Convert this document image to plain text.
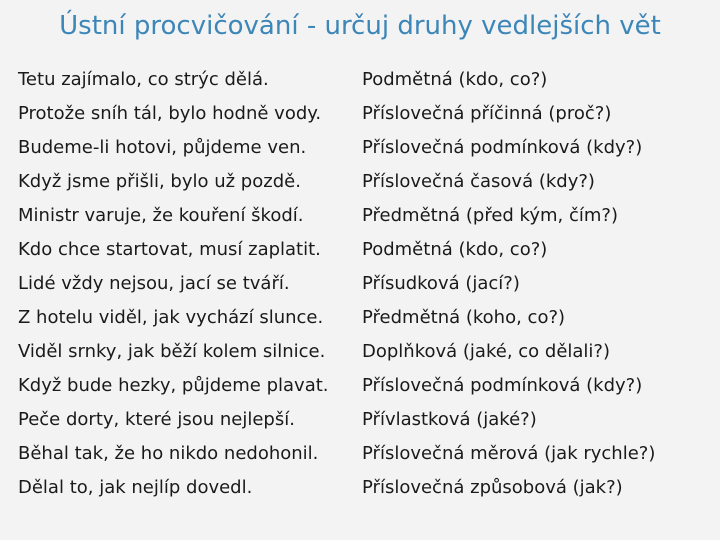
Ústní procvičování - určuj druhy vedlejších vět
Tetu zajímalo, co strýc dělá.	Podmětná (kdo, co?)
Protože sníh tál, bylo hodně vody. Příslovečná příčinná (proč?)
Budeme-li hotovi, půjdeme ven.	Příslovečná podmínková (kdy?)
Když jsme přišli, bylo už pozdě.	Příslovečná časová (kdy?)
Ministr varuje, že kouření škodí.	Předmětná (před kým, čím?)
Kdo chce startovat, musí zaplatit. Podmětná (kdo, co?)
Lidé vždy nejsou, jací se tváří.	Přísudková (jací?)
Z hotelu viděl, jak vychází slunce. Předmětná (koho, co?)
Viděl srnky, jak běží kolem silnice. Doplňková (jaké, co dělali?)
Když bude hezky, půjdeme plavat. Příslovečná podmínková (kdy?)
Peče dorty, které jsou nejlepší.	Přívlastková (jaké?)
Běhal tak, že ho nikdo nedohonil. Příslovečná měrová (jak rychle?)
Dělal to, jak nejlíp dovedl.	Příslovečná způsobová (jak?)
